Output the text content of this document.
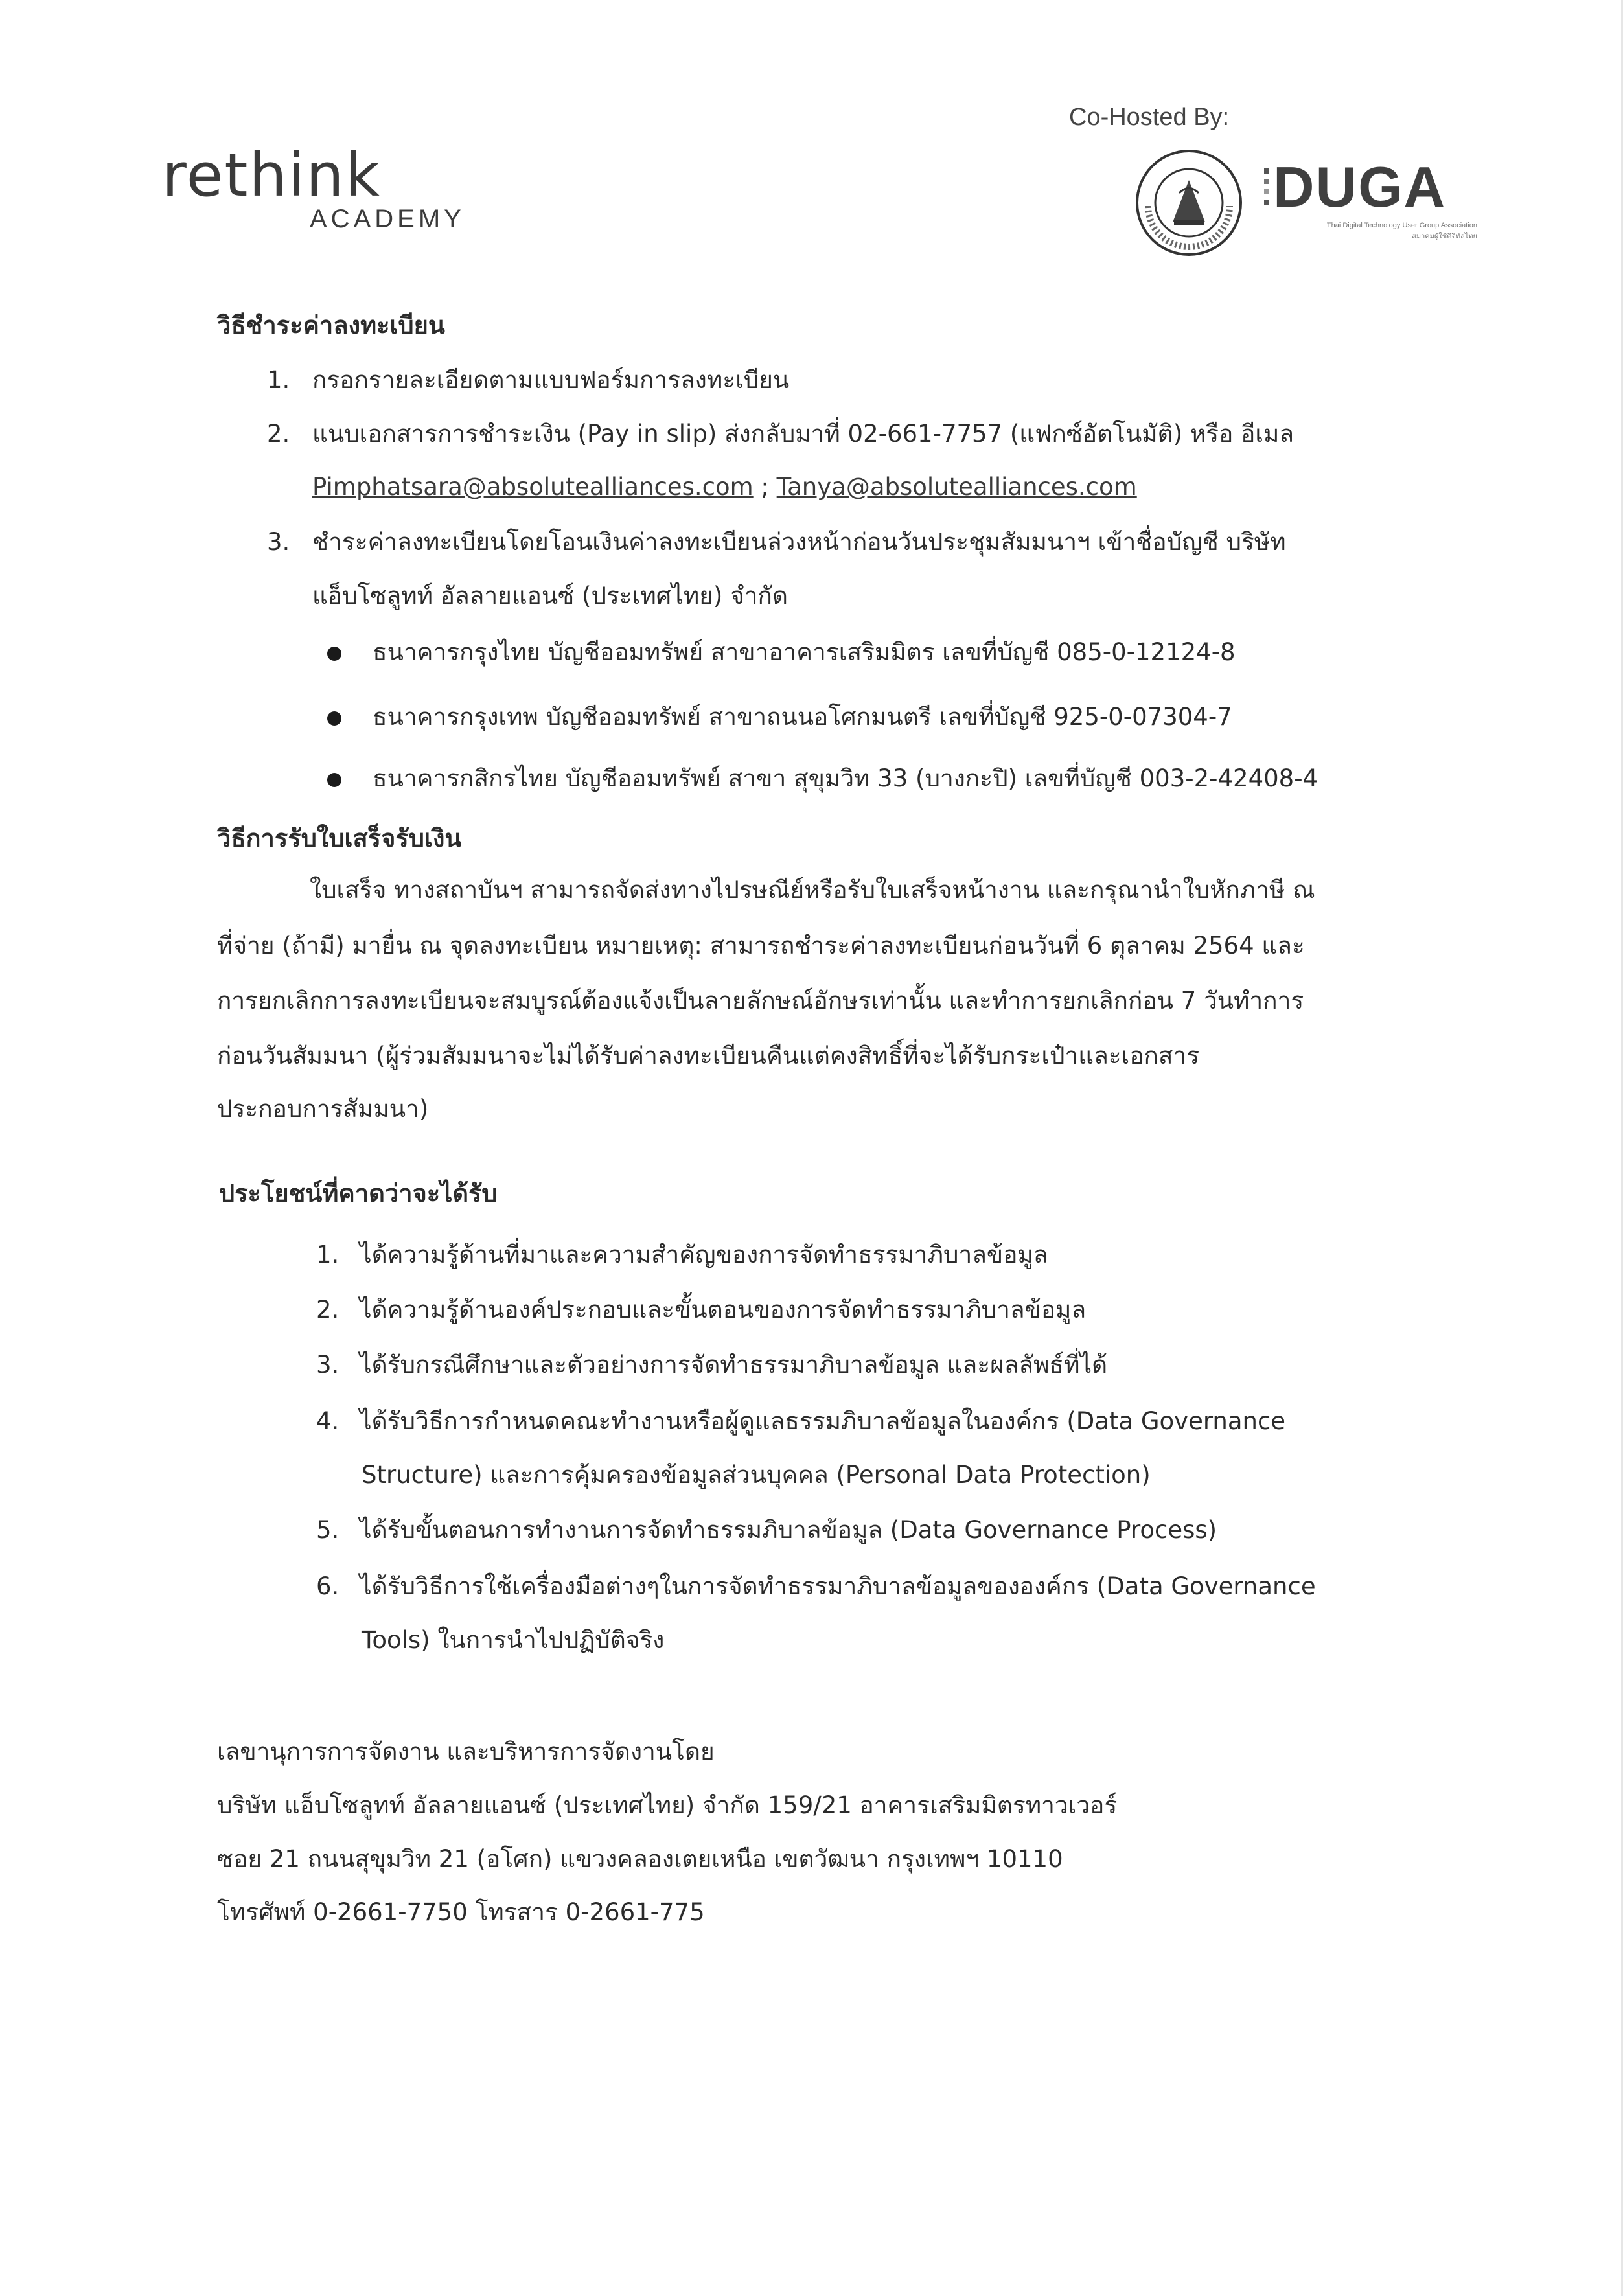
rethink
ACADEMY
Co-Hosted By:
DUGA
Thai Digital Technology User Group Association
สมาคมผู้ใช้ดิจิทัลไทย
วิธีชำระค่าลงทะเบียน
1. กรอกรายละเอียดตามแบบฟอร์มการลงทะเบียน
2. แนบเอกสารการชำระเงิน (Pay in slip) ส่งกลับมาที่ 02-661-7757 (แฟกซ์อัตโนมัติ) หรือ อีเมล
Pimphatsara@absolutealliances.com ; Tanya@absolutealliances.com
3. ชำระค่าลงทะเบียนโดยโอนเงินค่าลงทะเบียนล่วงหน้าก่อนวันประชุมสัมมนาฯ เข้าชื่อบัญชี บริษัท
แอ็บโซลูทท์ อัลลายแอนซ์ (ประเทศไทย) จำกัด
ธนาคารกรุงไทย บัญชีออมทรัพย์ สาขาอาคารเสริมมิตร เลขที่บัญชี 085-0-12124-8
ธนาคารกรุงเทพ บัญชีออมทรัพย์ สาขาถนนอโศกมนตรี เลขที่บัญชี 925-0-07304-7
ธนาคารกสิกรไทย บัญชีออมทรัพย์ สาขา สุขุมวิท 33 (บางกะปิ) เลขที่บัญชี 003-2-42408-4
วิธีการรับใบเสร็จรับเงิน
ใบเสร็จ ทางสถาบันฯ สามารถจัดส่งทางไปรษณีย์หรือรับใบเสร็จหน้างาน และกรุณานำใบหักภาษี ณ
ที่จ่าย (ถ้ามี) มายื่น ณ จุดลงทะเบียน หมายเหตุ: สามารถชำระค่าลงทะเบียนก่อนวันที่ 6 ตุลาคม 2564 และ
การยกเลิกการลงทะเบียนจะสมบูรณ์ต้องแจ้งเป็นลายลักษณ์อักษรเท่านั้น และทำการยกเลิกก่อน 7 วันทำการ
ก่อนวันสัมมนา (ผู้ร่วมสัมมนาจะไม่ได้รับค่าลงทะเบียนคืนแต่คงสิทธิ์ที่จะได้รับกระเป๋าและเอกสาร
ประกอบการสัมมนา)
ประโยชน์ที่คาดว่าจะได้รับ
1. ได้ความรู้ด้านที่มาและความสำคัญของการจัดทำธรรมาภิบาลข้อมูล
2. ได้ความรู้ด้านองค์ประกอบและขั้นตอนของการจัดทำธรรมาภิบาลข้อมูล
3. ได้รับกรณีศึกษาและตัวอย่างการจัดทำธรรมาภิบาลข้อมูล และผลลัพธ์ที่ได้
4. ได้รับวิธีการกำหนดคณะทำงานหรือผู้ดูแลธรรมภิบาลข้อมูลในองค์กร (Data Governance
Structure) และการคุ้มครองข้อมูลส่วนบุคคล (Personal Data Protection)
5. ได้รับขั้นตอนการทำงานการจัดทำธรรมภิบาลข้อมูล (Data Governance Process)
6. ได้รับวิธีการใช้เครื่องมือต่างๆในการจัดทำธรรมาภิบาลข้อมูลขององค์กร (Data Governance
Tools) ในการนำไปปฏิบัติจริง
เลขานุการการจัดงาน และบริหารการจัดงานโดย
บริษัท แอ็บโซลูทท์ อัลลายแอนซ์ (ประเทศไทย) จำกัด 159/21 อาคารเสริมมิตรทาวเวอร์
ซอย 21 ถนนสุขุมวิท 21 (อโศก) แขวงคลองเตยเหนือ เขตวัฒนา กรุงเทพฯ 10110
โทรศัพท์ 0-2661-7750 โทรสาร 0-2661-775
